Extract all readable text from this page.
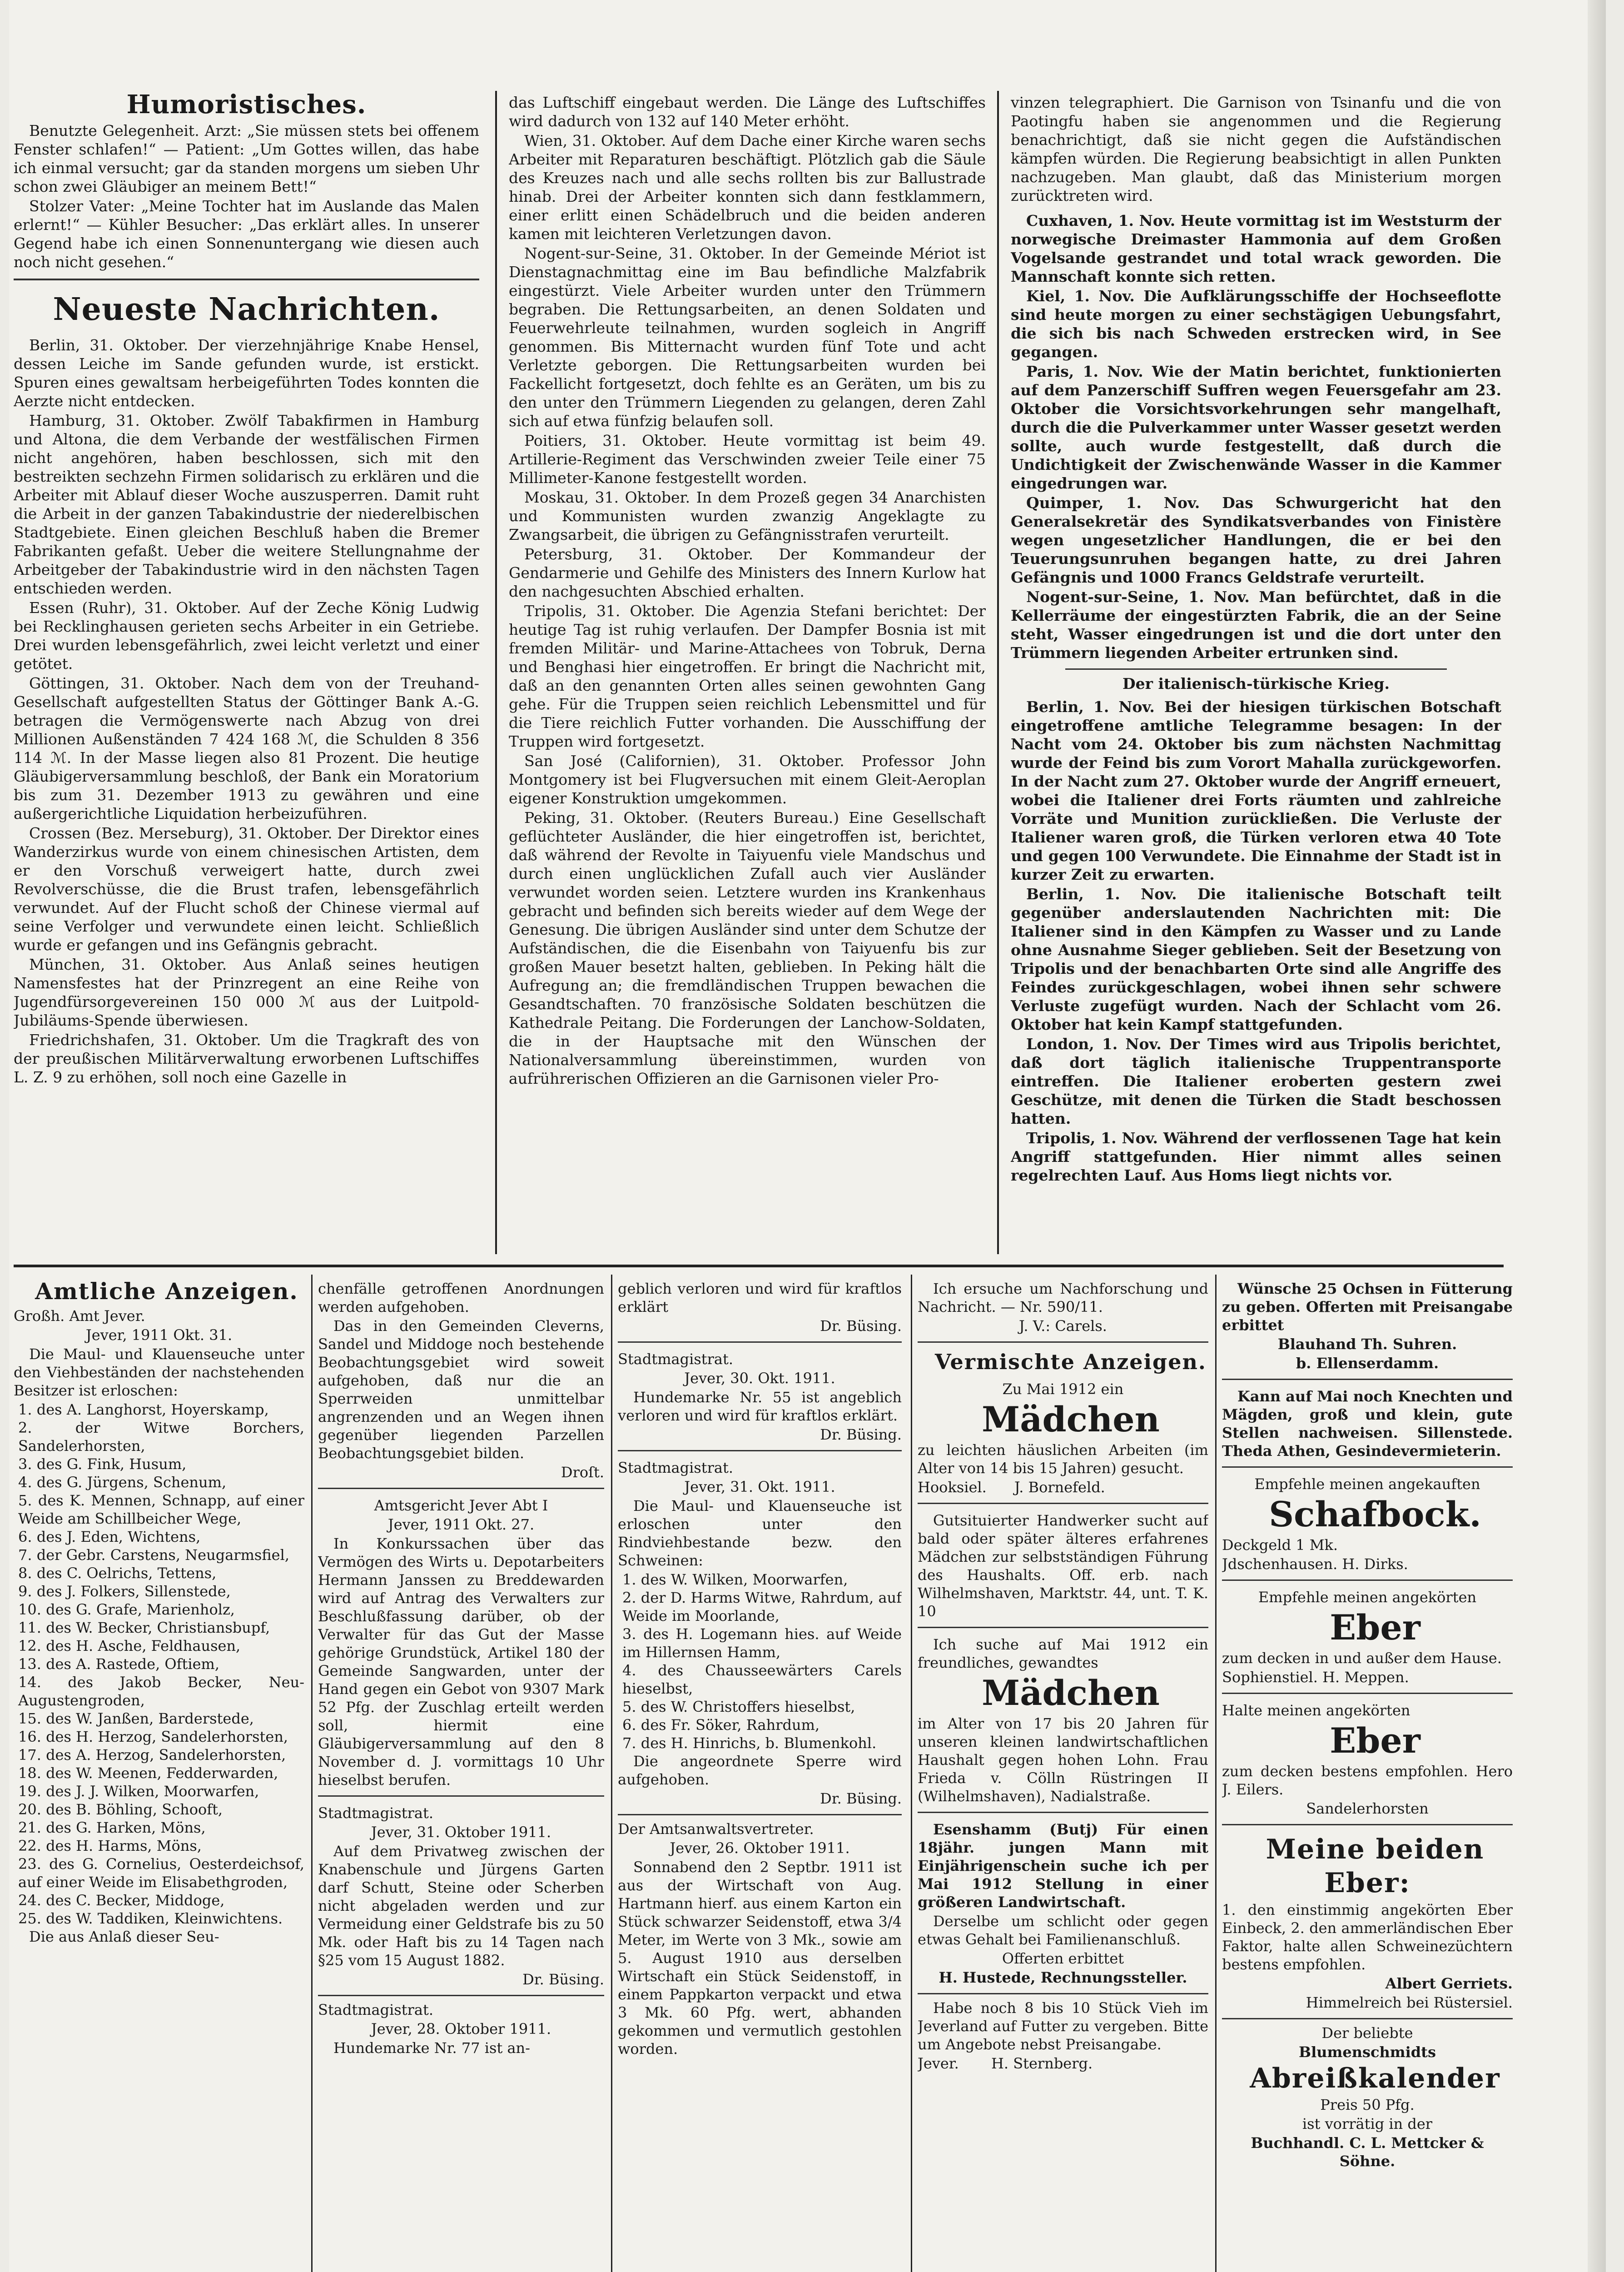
Humoristisches.

Benutzte Gelegenheit. Arzt: „Sie müssen stets bei offenem Fenster schlafen!“ — Patient: „Um Gottes willen, das habe ich einmal versucht; gar da standen morgens um sieben Uhr schon zwei Gläubiger an meinem Bett!“

Stolzer Vater: „Meine Tochter hat im Auslande das Malen erlernt!“ — Kühler Besucher: „Das erklärt alles. In unserer Gegend habe ich einen Sonnenuntergang wie diesen auch noch nicht gesehen.“

Neueste Nachrichten.

Berlin, 31. Oktober. Der vierzehnjährige Knabe Hensel, dessen Leiche im Sande gefunden wurde, ist erstickt. Spuren eines gewaltsam herbeigeführten Todes konnten die Aerzte nicht entdecken.

Hamburg, 31. Oktober. Zwölf Tabakfirmen in Hamburg und Altona, die dem Verbande der westfälischen Firmen nicht angehören, haben beschlossen, sich mit den bestreikten sechzehn Firmen solidarisch zu erklären und die Arbeiter mit Ablauf dieser Woche auszusperren. Damit ruht die Arbeit in der ganzen Tabakindustrie der niederelbischen Stadtgebiete. Einen gleichen Beschluß haben die Bremer Fabrikanten gefaßt. Ueber die weitere Stellungnahme der Arbeitgeber der Tabakindustrie wird in den nächsten Tagen entschieden werden.

Essen (Ruhr), 31. Oktober. Auf der Zeche König Ludwig bei Recklinghausen gerieten sechs Arbeiter in ein Getriebe. Drei wurden lebensgefährlich, zwei leicht verletzt und einer getötet.

Göttingen, 31. Oktober. Nach dem von der Treuhand-Gesellschaft aufgestellten Status der Göttinger Bank A.-G. betragen die Vermögenswerte nach Abzug von drei Millionen Außenständen 7 424 168 ℳ, die Schulden 8 356 114 ℳ. In der Masse liegen also 81 Prozent. Die heutige Gläubigerversammlung beschloß, der Bank ein Moratorium bis zum 31. Dezember 1913 zu gewähren und eine außergerichtliche Liquidation herbeizuführen.

Crossen (Bez. Merseburg), 31. Oktober. Der Direktor eines Wanderzirkus wurde von einem chinesischen Artisten, dem er den Vorschuß verweigert hatte, durch zwei Revolverschüsse, die die Brust trafen, lebensgefährlich verwundet. Auf der Flucht schoß der Chinese viermal auf seine Verfolger und verwundete einen leicht. Schließlich wurde er gefangen und ins Gefängnis gebracht.

München, 31. Oktober. Aus Anlaß seines heutigen Namensfestes hat der Prinzregent an eine Reihe von Jugendfürsorgevereinen 150 000 ℳ aus der Luitpold-Jubiläums-Spende überwiesen.

Friedrichshafen, 31. Oktober. Um die Tragkraft des von der preußischen Militärverwaltung erworbenen Luftschiffes L. Z. 9 zu erhöhen, soll noch eine Gazelle in

das Luftschiff eingebaut werden. Die Länge des Luftschiffes wird dadurch von 132 auf 140 Meter erhöht.

Wien, 31. Oktober. Auf dem Dache einer Kirche waren sechs Arbeiter mit Reparaturen beschäftigt. Plötzlich gab die Säule des Kreuzes nach und alle sechs rollten bis zur Ballustrade hinab. Drei der Arbeiter konnten sich dann festklammern, einer erlitt einen Schädelbruch und die beiden anderen kamen mit leichteren Verletzungen davon.

Nogent-sur-Seine, 31. Oktober. In der Gemeinde Mériot ist Dienstagnachmittag eine im Bau befindliche Malzfabrik eingestürzt. Viele Arbeiter wurden unter den Trümmern begraben. Die Rettungsarbeiten, an denen Soldaten und Feuerwehrleute teilnahmen, wurden sogleich in Angriff genommen. Bis Mitternacht wurden fünf Tote und acht Verletzte geborgen. Die Rettungsarbeiten wurden bei Fackellicht fortgesetzt, doch fehlte es an Geräten, um bis zu den unter den Trümmern Liegenden zu gelangen, deren Zahl sich auf etwa fünfzig belaufen soll.

Poitiers, 31. Oktober. Heute vormittag ist beim 49. Artillerie-Regiment das Verschwinden zweier Teile einer 75 Millimeter-Kanone festgestellt worden.

Moskau, 31. Oktober. In dem Prozeß gegen 34 Anarchisten und Kommunisten wurden zwanzig Angeklagte zu Zwangsarbeit, die übrigen zu Gefängnisstrafen verurteilt.

Petersburg, 31. Oktober. Der Kommandeur der Gendarmerie und Gehilfe des Ministers des Innern Kurlow hat den nachgesuchten Abschied erhalten.

Tripolis, 31. Oktober. Die Agenzia Stefani berichtet: Der heutige Tag ist ruhig verlaufen. Der Dampfer Bosnia ist mit fremden Militär- und Marine-Attachees von Tobruk, Derna und Benghasi hier eingetroffen. Er bringt die Nachricht mit, daß an den genannten Orten alles seinen gewohnten Gang gehe. Für die Truppen seien reichlich Lebensmittel und für die Tiere reichlich Futter vorhanden. Die Ausschiffung der Truppen wird fortgesetzt.

San José (Californien), 31. Oktober. Professor John Montgomery ist bei Flugversuchen mit einem Gleit-Aeroplan eigener Konstruktion umgekommen.

Peking, 31. Oktober. (Reuters Bureau.) Eine Gesellschaft geflüchteter Ausländer, die hier eingetroffen ist, berichtet, daß während der Revolte in Taiyuenfu viele Mandschus und durch einen unglücklichen Zufall auch vier Ausländer verwundet worden seien. Letztere wurden ins Krankenhaus gebracht und befinden sich bereits wieder auf dem Wege der Genesung. Die übrigen Ausländer sind unter dem Schutze der Aufständischen, die die Eisenbahn von Taiyuenfu bis zur großen Mauer besetzt halten, geblieben. In Peking hält die Aufregung an; die fremdländischen Truppen bewachen die Gesandtschaften. 70 französische Soldaten beschützen die Kathedrale Peitang. Die Forderungen der Lanchow-Soldaten, die in der Hauptsache mit den Wünschen der Nationalversammlung übereinstimmen, wurden von aufrührerischen Offizieren an die Garnisonen vieler Pro-

vinzen telegraphiert. Die Garnison von Tsinanfu und die von Paotingfu haben sie angenommen und die Regierung benachrichtigt, daß sie nicht gegen die Aufständischen kämpfen würden. Die Regierung beabsichtigt in allen Punkten nachzugeben. Man glaubt, daß das Ministerium morgen zurücktreten wird.

Cuxhaven, 1. Nov. Heute vormittag ist im Weststurm der norwegische Dreimaster Hammonia auf dem Großen Vogelsande gestrandet und total wrack geworden. Die Mannschaft konnte sich retten.

Kiel, 1. Nov. Die Aufklärungsschiffe der Hochseeflotte sind heute morgen zu einer sechstägigen Uebungsfahrt, die sich bis nach Schweden erstrecken wird, in See gegangen.

Paris, 1. Nov. Wie der Matin berichtet, funktionierten auf dem Panzerschiff Suffren wegen Feuersgefahr am 23. Oktober die Vorsichtsvorkehrungen sehr mangelhaft, durch die die Pulverkammer unter Wasser gesetzt werden sollte, auch wurde festgestellt, daß durch die Undichtigkeit der Zwischenwände Wasser in die Kammer eingedrungen war.

Quimper, 1. Nov. Das Schwurgericht hat den Generalsekretär des Syndikatsverbandes von Finistère wegen ungesetzlicher Handlungen, die er bei den Teuerungsunruhen begangen hatte, zu drei Jahren Gefängnis und 1000 Francs Geldstrafe verurteilt.

Nogent-sur-Seine, 1. Nov. Man befürchtet, daß in die Kellerräume der eingestürzten Fabrik, die an der Seine steht, Wasser eingedrungen ist und die dort unter den Trümmern liegenden Arbeiter ertrunken sind.

Der italienisch-türkische Krieg.

Berlin, 1. Nov. Bei der hiesigen türkischen Botschaft eingetroffene amtliche Telegramme besagen: In der Nacht vom 24. Oktober bis zum nächsten Nachmittag wurde der Feind bis zum Vorort Mahalla zurückgeworfen. In der Nacht zum 27. Oktober wurde der Angriff erneuert, wobei die Italiener drei Forts räumten und zahlreiche Vorräte und Munition zurückließen. Die Verluste der Italiener waren groß, die Türken verloren etwa 40 Tote und gegen 100 Verwundete. Die Einnahme der Stadt ist in kurzer Zeit zu erwarten.

Berlin, 1. Nov. Die italienische Botschaft teilt gegenüber anderslautenden Nachrichten mit: Die Italiener sind in den Kämpfen zu Wasser und zu Lande ohne Ausnahme Sieger geblieben. Seit der Besetzung von Tripolis und der benachbarten Orte sind alle Angriffe des Feindes zurückgeschlagen, wobei ihnen sehr schwere Verluste zugefügt wurden. Nach der Schlacht vom 26. Oktober hat kein Kampf stattgefunden.

London, 1. Nov. Der Times wird aus Tripolis berichtet, daß dort täglich italienische Truppentransporte eintreffen. Die Italiener eroberten gestern zwei Geschütze, mit denen die Türken die Stadt beschossen hatten.

Tripolis, 1. Nov. Während der verflossenen Tage hat kein Angriff stattgefunden. Hier nimmt alles seinen regelrechten Lauf. Aus Homs liegt nichts vor.

Amtliche Anzeigen.

Großh. Amt Jever.

Jever, 1911 Okt. 31.

Die Maul- und Klauenseuche unter den Viehbeständen der nachstehenden Besitzer ist erloschen:

1. des A. Langhorst, Hoyerskamp,
2. der Witwe Borchers, Sandelerhorsten,
3. des G. Fink, Husum,
4. des G. Jürgens, Schenum,
5. des K. Mennen, Schnapp, auf einer Weide am Schillbeicher Wege,
6. des J. Eden, Wichtens,
7. der Gebr. Carstens, Neugarmsfiel,
8. des C. Oelrichs, Tettens,
9. des J. Folkers, Sillenstede,
10. des G. Grafe, Marienholz,
11. des W. Becker, Christiansbupf,
12. des H. Asche, Feldhausen,
13. des A. Rastede, Oftiem,
14. des Jakob Becker, Neu-Augustengroden,
15. des W. Janßen, Barderstede,
16. des H. Herzog, Sandelerhorsten,
17. des A. Herzog, Sandelerhorsten,
18. des W. Meenen, Fedderwarden,
19. des J. J. Wilken, Moorwarfen,
20. des B. Böhling, Schooft,
21. des G. Harken, Möns,
22. des H. Harms, Möns,
23. des G. Cornelius, Oesterdeichsof, auf einer Weide im Elisabethgroden,
24. des C. Becker, Middoge,
25. des W. Taddiken, Kleinwichtens.

Die aus Anlaß dieser Seu-

chenfälle getroffenen Anordnungen werden aufgehoben.

Das in den Gemeinden Cleverns, Sandel und Middoge noch bestehende Beobachtungsgebiet wird soweit aufgehoben, daß nur die an Sperrweiden unmittelbar angrenzenden und an Wegen ihnen gegenüber liegenden Parzellen Beobachtungsgebiet bilden.

Droſt.

Amtsgericht Jever Abt I

Jever, 1911 Okt. 27.

In Konkurssachen über das Vermögen des Wirts u. Depotarbeiters Hermann Janssen zu Breddewarden wird auf Antrag des Verwalters zur Beschlußfassung darüber, ob der Verwalter für das Gut der Masse gehörige Grundstück, Artikel 180 der Gemeinde Sangwarden, unter der Hand gegen ein Gebot von 9307 Mark 52 Pfg. der Zuschlag erteilt werden soll, hiermit eine Gläubigerversammlung auf den 8 November d. J. vormittags 10 Uhr hieselbst berufen.

Stadtmagistrat.

Jever, 31. Oktober 1911.

Auf dem Privatweg zwischen der Knabenschule und Jürgens Garten darf Schutt, Steine oder Scherben nicht abgeladen werden und zur Vermeidung einer Geldstrafe bis zu 50 Mk. oder Haft bis zu 14 Tagen nach §25 vom 15 August 1882.

Dr. Büsing.

Stadtmagistrat.

Jever, 28. Oktober 1911.

Hundemarke Nr. 77 ist an-

geblich verloren und wird für kraftlos erklärt

Dr. Büsing.

Stadtmagistrat.

Jever, 30. Okt. 1911.

Hundemarke Nr. 55 ist angeblich verloren und wird für kraftlos erklärt.

Dr. Büsing.

Stadtmagistrat.

Jever, 31. Okt. 1911.

Die Maul- und Klauenseuche ist erloschen unter den Rindviehbestande bezw. den Schweinen:

1. des W. Wilken, Moorwarfen,
2. der D. Harms Witwe, Rahrdum, auf Weide im Moorlande,
3. des H. Logemann hies. auf Weide im Hillernsen Hamm,
4. des Chausseewärters Carels hieselbst,
5. des W. Christoffers hieselbst,
6. des Fr. Söker, Rahrdum,
7. des H. Hinrichs, b. Blumenkohl.

Die angeordnete Sperre wird aufgehoben.

Dr. Büsing.

Der Amtsanwaltsvertreter.

Jever, 26. Oktober 1911.

Sonnabend den 2 Septbr. 1911 ist aus der Wirtschaft von Aug. Hartmann hierf. aus einem Karton ein Stück schwarzer Seidenstoff, etwa 3/4 Meter, im Werte von 3 Mk., sowie am 5. August 1910 aus derselben Wirtschaft ein Stück Seidenstoff, in einem Pappkarton verpackt und etwa 3 Mk. 60 Pfg. wert, abhanden gekommen und vermutlich gestohlen worden.

Ich ersuche um Nachforschung und Nachricht. — Nr. 590/11.

J. V.: Carels.

Vermischte Anzeigen.

Zu Mai 1912 ein

Mädchen

zu leichten häuslichen Arbeiten (im Alter von 14 bis 15 Jahren) gesucht.

Hooksiel. J. Bornefeld.

Gutsituierter Handwerker sucht auf bald oder später älteres erfahrenes Mädchen zur selbstständigen Führung des Haushalts. Off. erb. nach Wilhelmshaven, Marktstr. 44, unt. T. K. 10

Ich suche auf Mai 1912 ein freundliches, gewandtes

Mädchen

im Alter von 17 bis 20 Jahren für unseren kleinen landwirtschaftlichen Haushalt gegen hohen Lohn. Frau Frieda v. Cölln Rüstringen II (Wilhelmshaven), Nadialstraße.

Esenshamm (Butj) Für einen 18jähr. jungen Mann mit Einjährigenschein suche ich per Mai 1912 Stellung in einer größeren Landwirtschaft.

Derselbe um schlicht oder gegen etwas Gehalt bei Familienanschluß.

Offerten erbittet

H. Hustede, Rechnungssteller.

Habe noch 8 bis 10 Stück Vieh im Jeverland auf Futter zu vergeben. Bitte um Angebote nebst Preisangabe.

Jever. H. Sternberg.

Wünsche 25 Ochsen in Fütterung zu geben. Offerten mit Preisangabe erbittet

Blauhand Th. Suhren.

b. Ellenserdamm.

Kann auf Mai noch Knechten und Mägden, groß und klein, gute Stellen nachweisen. Sillenstede. Theda Athen, Gesindevermieterin.

Empfehle meinen angekauften

Schafbock.

Deckgeld 1 Mk.

Jdschenhausen. H. Dirks.

Empfehle meinen angekörten

Eber

zum decken in und außer dem Hause.

Sophienstiel. H. Meppen.

Halte meinen angekörten

Eber

zum decken bestens empfohlen. Hero J. Eilers.

Sandelerhorsten

Meine beiden Eber:

1. den einstimmig angekörten Eber Einbeck, 2. den ammerländischen Eber Faktor, halte allen Schweinezüchtern bestens empfohlen.

Albert Gerriets.

Himmelreich bei Rüstersiel.

Der beliebte

Blumenschmidts

Abreißkalender

Preis 50 Pfg.

ist vorrätig in der

Buchhandl. C. L. Mettcker & Söhne.
